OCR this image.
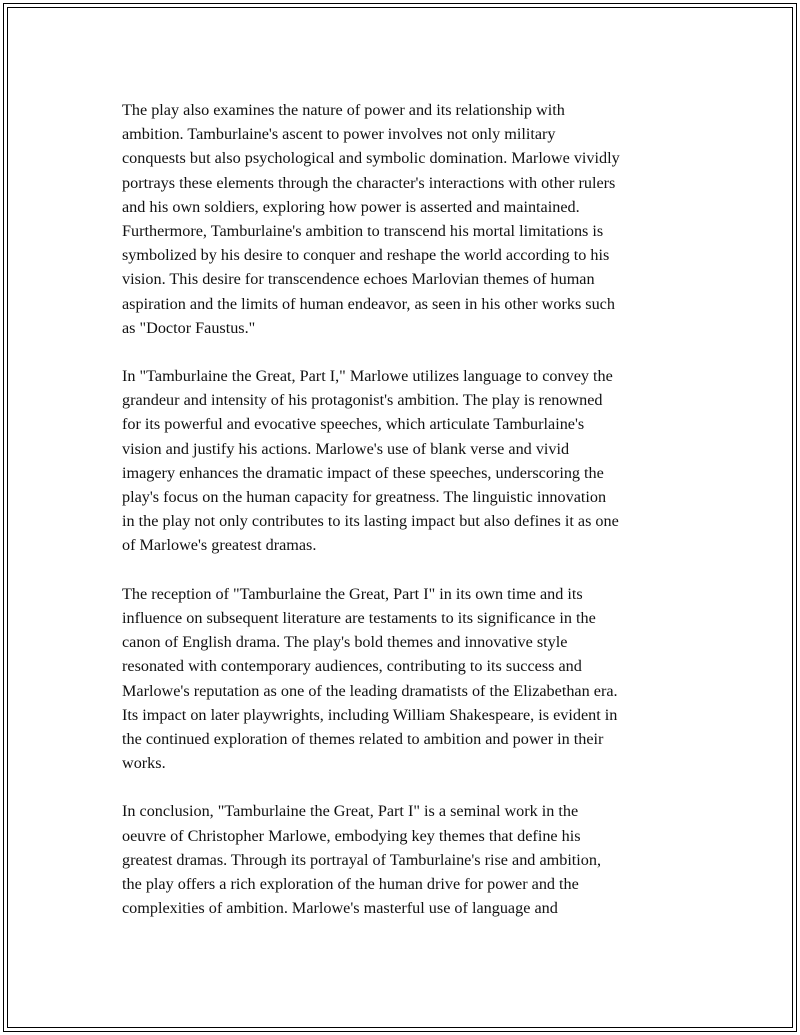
The play also examines the nature of power and its relationship with
ambition. Tamburlaine's ascent to power involves not only military
conquests but also psychological and symbolic domination. Marlowe vividly
portrays these elements through the character's interactions with other rulers
and his own soldiers, exploring how power is asserted and maintained.
Furthermore, Tamburlaine's ambition to transcend his mortal limitations is
symbolized by his desire to conquer and reshape the world according to his
vision. This desire for transcendence echoes Marlovian themes of human
aspiration and the limits of human endeavor, as seen in his other works such
as "Doctor Faustus."
In "Tamburlaine the Great, Part I," Marlowe utilizes language to convey the
grandeur and intensity of his protagonist's ambition. The play is renowned
for its powerful and evocative speeches, which articulate Tamburlaine's
vision and justify his actions. Marlowe's use of blank verse and vivid
imagery enhances the dramatic impact of these speeches, underscoring the
play's focus on the human capacity for greatness. The linguistic innovation
in the play not only contributes to its lasting impact but also defines it as one
of Marlowe's greatest dramas.
The reception of "Tamburlaine the Great, Part I" in its own time and its
influence on subsequent literature are testaments to its significance in the
canon of English drama. The play's bold themes and innovative style
resonated with contemporary audiences, contributing to its success and
Marlowe's reputation as one of the leading dramatists of the Elizabethan era.
Its impact on later playwrights, including William Shakespeare, is evident in
the continued exploration of themes related to ambition and power in their
works.
In conclusion, "Tamburlaine the Great, Part I" is a seminal work in the
oeuvre of Christopher Marlowe, embodying key themes that define his
greatest dramas. Through its portrayal of Tamburlaine's rise and ambition,
the play offers a rich exploration of the human drive for power and the
complexities of ambition. Marlowe's masterful use of language and
